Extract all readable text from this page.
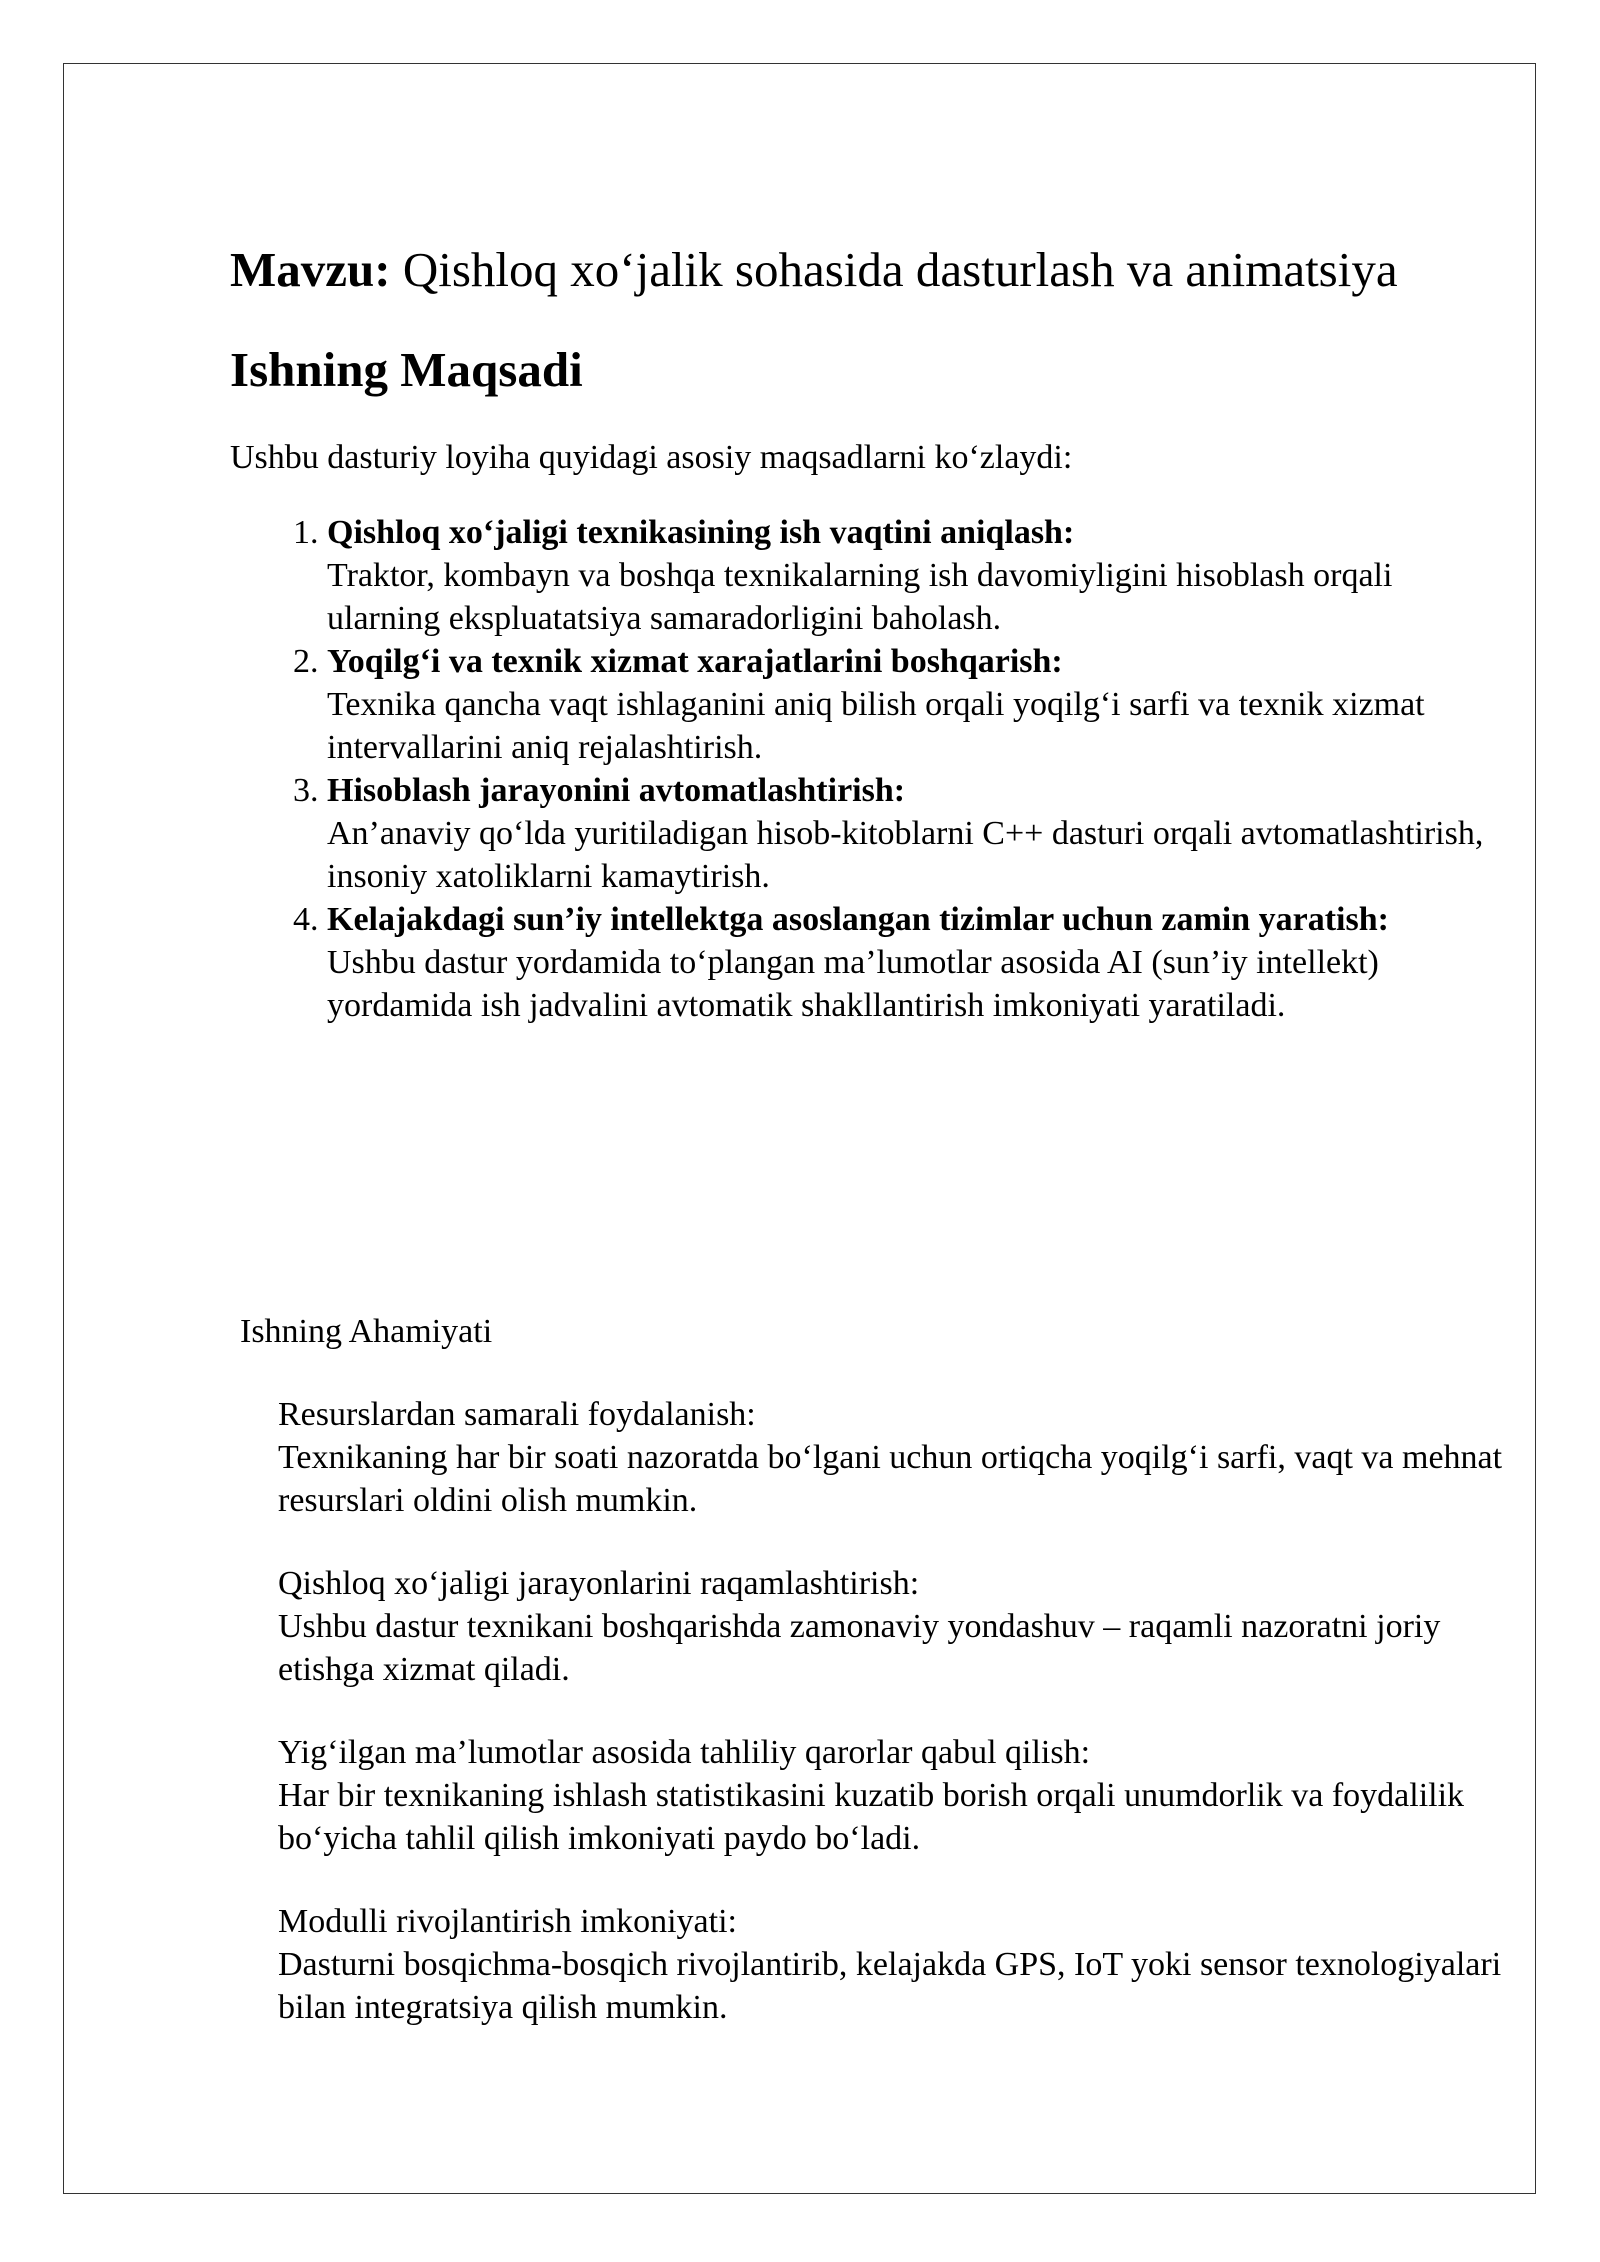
Mavzu: Qishloq xo‘jalik sohasida dasturlash va animatsiya

Ishning Maqsadi

Ushbu dasturiy loyiha quyidagi asosiy maqsadlarni ko‘zlaydi:

1. Qishloq xo‘jaligi texnikasining ish vaqtini aniqlash:
Traktor, kombayn va boshqa texnikalarning ish davomiyligini hisoblash orqali ularning ekspluatatsiya samaradorligini baholash.
2. Yoqilg‘i va texnik xizmat xarajatlarini boshqarish:
Texnika qancha vaqt ishlaganini aniq bilish orqali yoqilg‘i sarfi va texnik xizmat intervallarini aniq rejalashtirish.
3. Hisoblash jarayonini avtomatlashtirish:
An’anaviy qo‘lda yuritiladigan hisob-kitoblarni C++ dasturi orqali avtomatlashtirish, insoniy xatoliklarni kamaytirish.
4. Kelajakdagi sun’iy intellektga asoslangan tizimlar uchun zamin yaratish:
Ushbu dastur yordamida to‘plangan ma’lumotlar asosida AI (sun’iy intellekt) yordamida ish jadvalini avtomatik shakllantirish imkoniyati yaratiladi.

Ishning Ahamiyati

Resurslardan samarali foydalanish:
Texnikaning har bir soati nazoratda bo‘lgani uchun ortiqcha yoqilg‘i sarfi, vaqt va mehnat resurslari oldini olish mumkin.
Qishloq xo‘jaligi jarayonlarini raqamlashtirish:
Ushbu dastur texnikani boshqarishda zamonaviy yondashuv – raqamli nazoratni joriy etishga xizmat qiladi.
Yig‘ilgan ma’lumotlar asosida tahliliy qarorlar qabul qilish:
Har bir texnikaning ishlash statistikasini kuzatib borish orqali unumdorlik va foydalilik bo‘yicha tahlil qilish imkoniyati paydo bo‘ladi.
Modulli rivojlantirish imkoniyati:
Dasturni bosqichma-bosqich rivojlantirib, kelajakda GPS, IoT yoki sensor texnologiyalari bilan integratsiya qilish mumkin.
